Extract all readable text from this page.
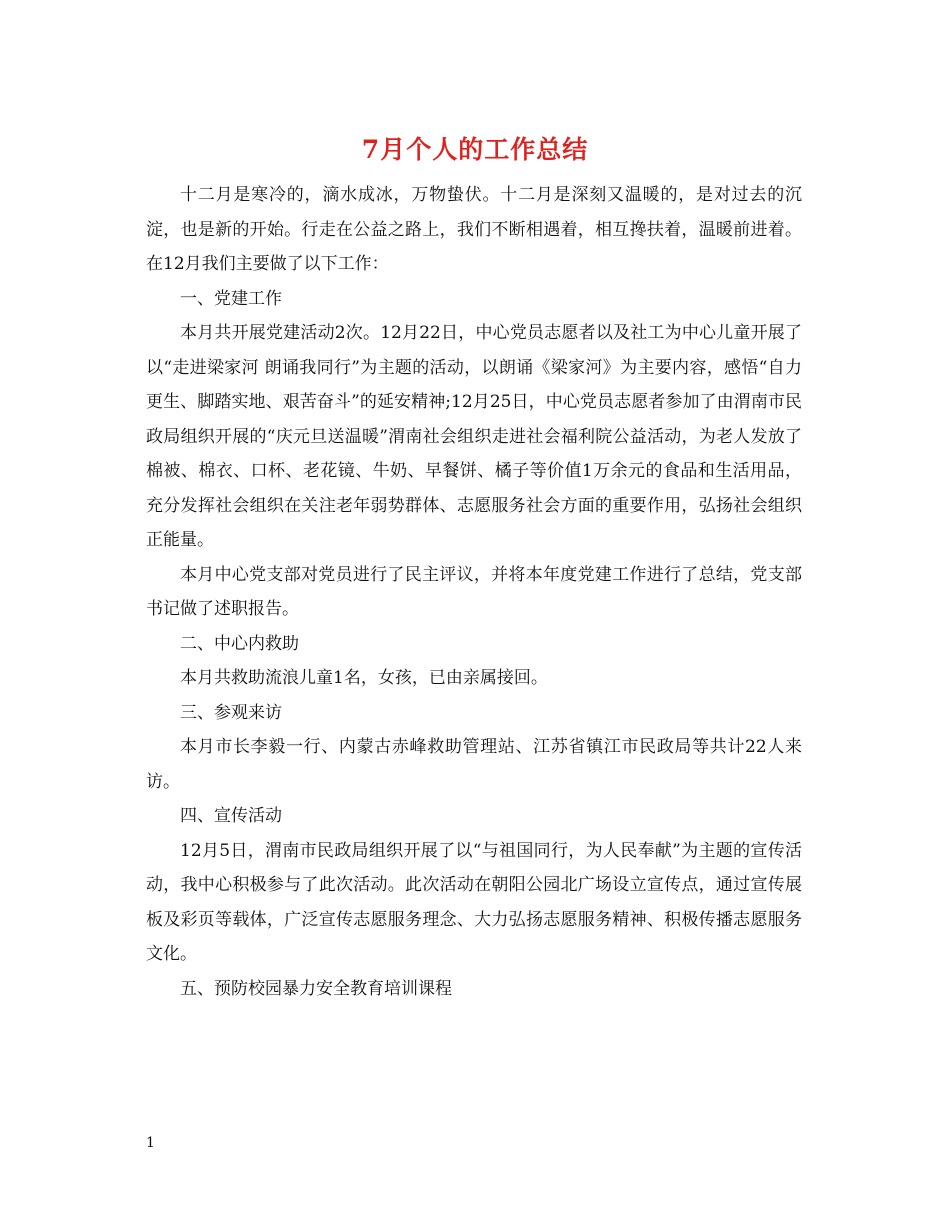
7月个人的工作总结

十二月是寒冷的，滴水成冰，万物蛰伏。十二月是深刻又温暖的，是对过去的沉淀，也是新的开始。行走在公益之路上，我们不断相遇着，相互搀扶着，温暖前进着。在12月我们主要做了以下工作：

一、党建工作

本月共开展党建活动2次。12月22日，中心党员志愿者以及社工为中心儿童开展了以“走进梁家河 朗诵我同行”为主题的活动，以朗诵《梁家河》为主要内容，感悟“自力更生、脚踏实地、艰苦奋斗”的延安精神;12月25日，中心党员志愿者参加了由渭南市民政局组织开展的“庆元旦送温暖”渭南社会组织走进社会福利院公益活动，为老人发放了棉被、棉衣、口杯、老花镜、牛奶、早餐饼、橘子等价值1万余元的食品和生活用品，充分发挥社会组织在关注老年弱势群体、志愿服务社会方面的重要作用，弘扬社会组织正能量。

本月中心党支部对党员进行了民主评议，并将本年度党建工作进行了总结，党支部书记做了述职报告。

二、中心内救助

本月共救助流浪儿童1名，女孩，已由亲属接回。

三、参观来访

本月市长李毅一行、内蒙古赤峰救助管理站、江苏省镇江市民政局等共计22人来访。

四、宣传活动

12月5日，渭南市民政局组织开展了以“与祖国同行，为人民奉献”为主题的宣传活动，我中心积极参与了此次活动。此次活动在朝阳公园北广场设立宣传点，通过宣传展板及彩页等载体，广泛宣传志愿服务理念、大力弘扬志愿服务精神、积极传播志愿服务文化。

五、预防校园暴力安全教育培训课程

1
